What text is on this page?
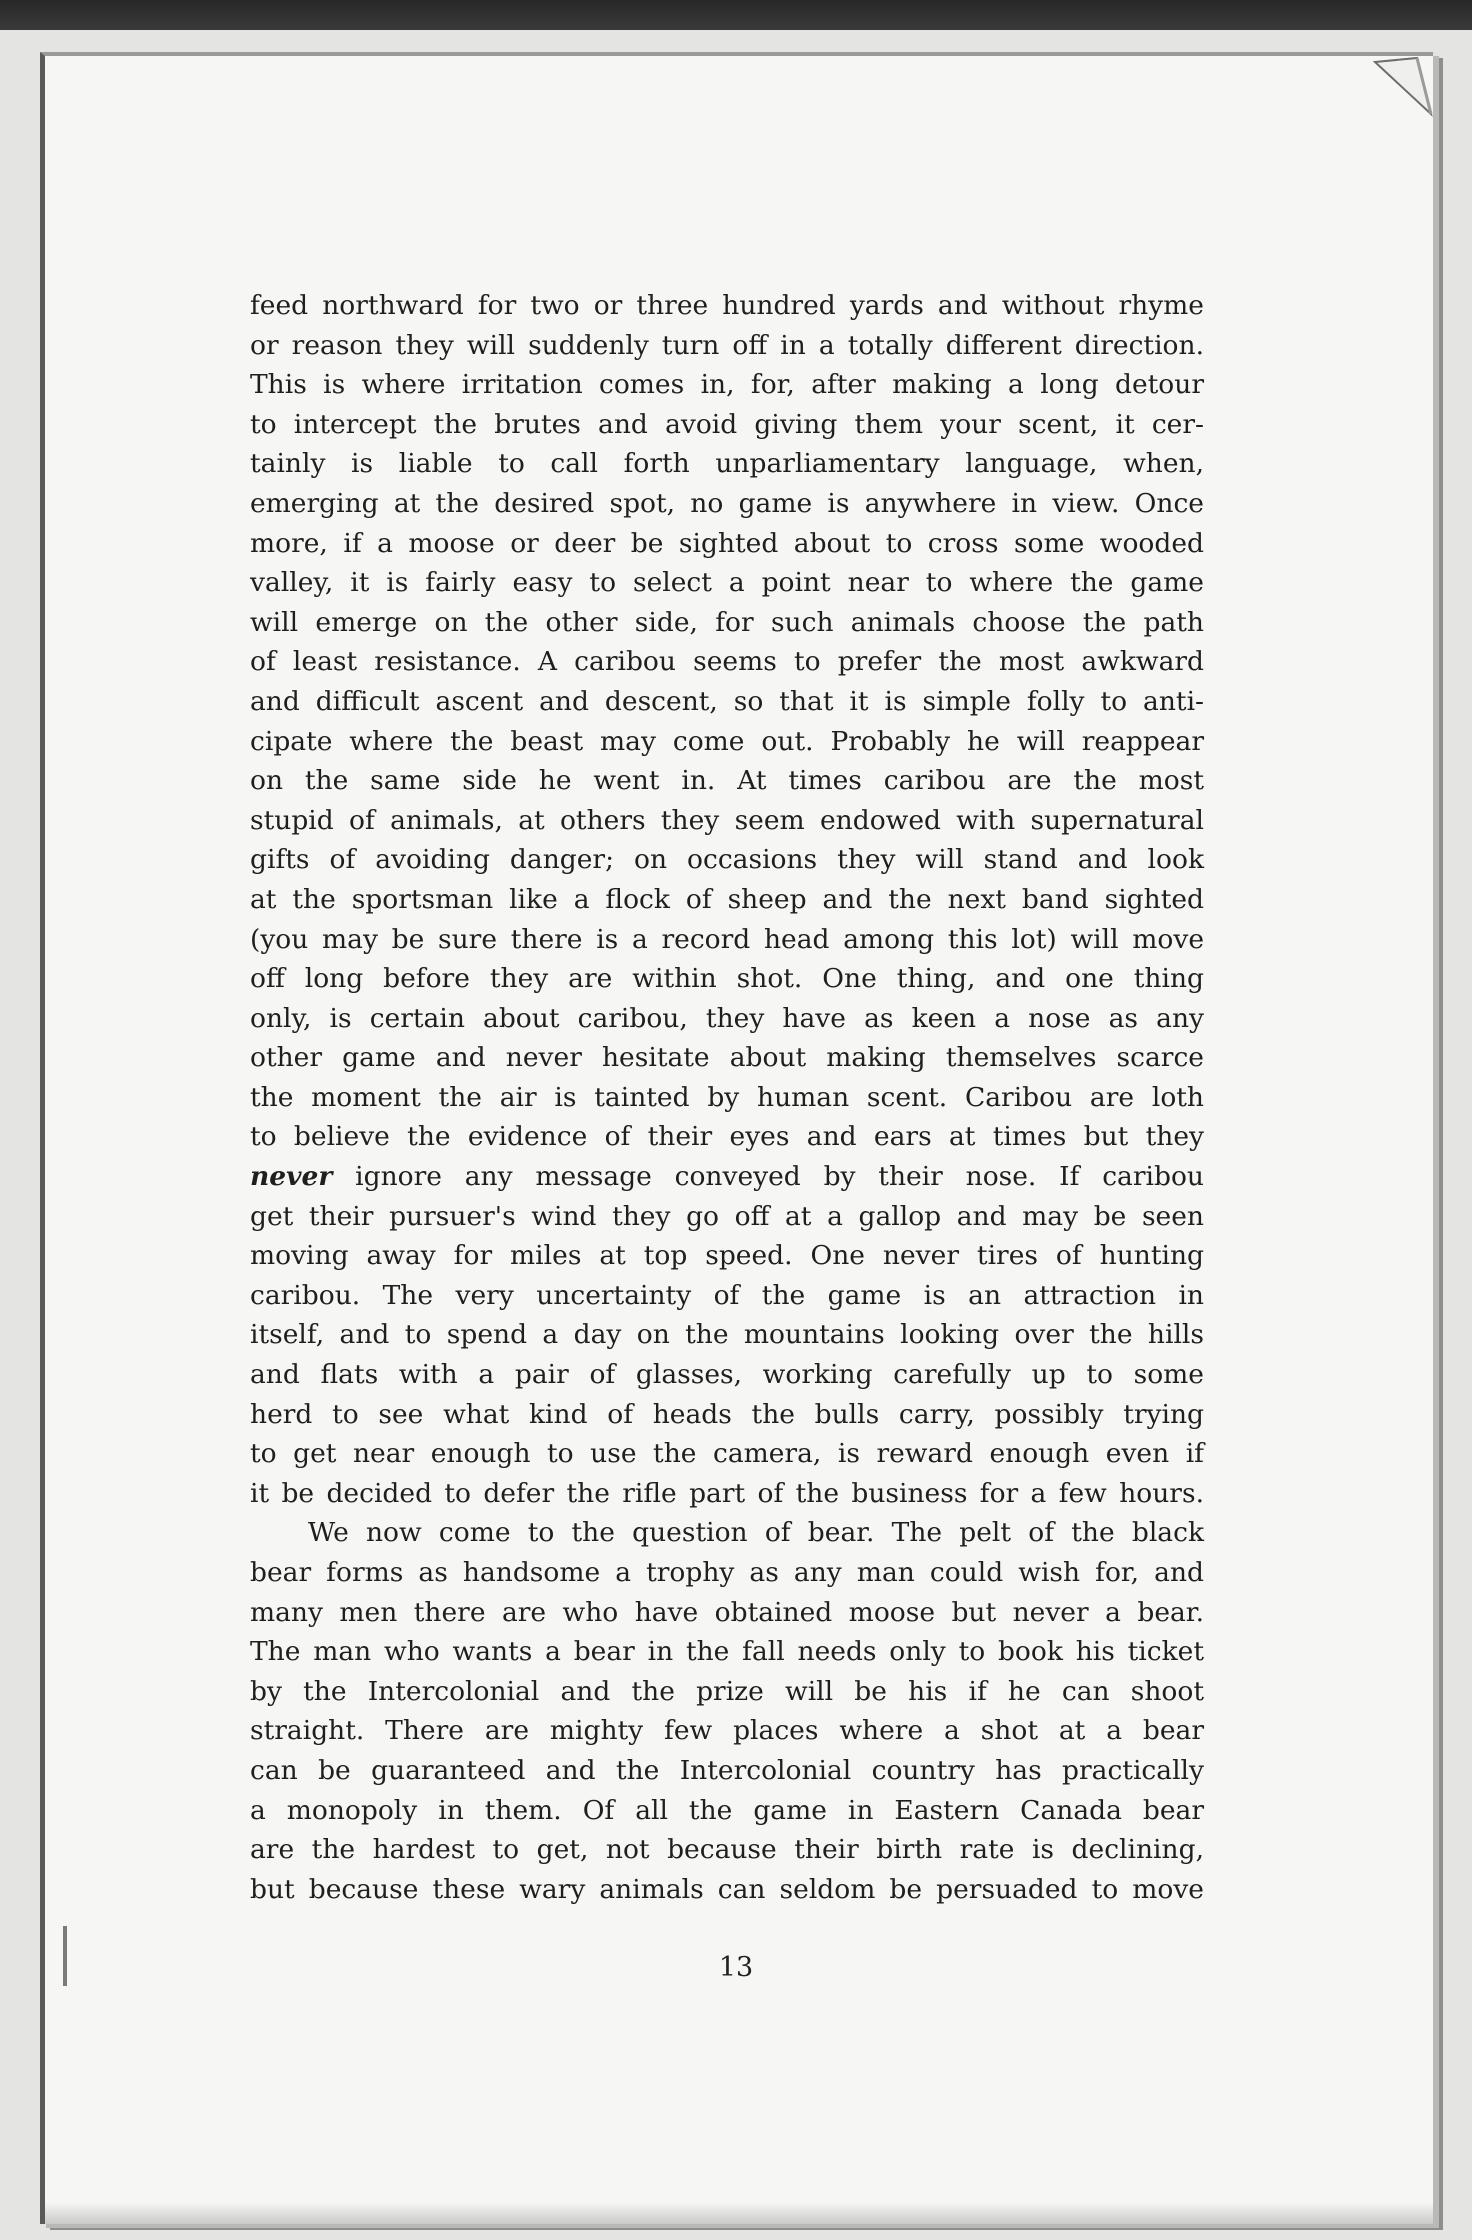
feed northward for two or three hundred yards and without rhyme

or reason they will suddenly turn off in a totally different direction.

This is where irritation comes in, for, after making a long detour

to intercept the brutes and avoid giving them your scent, it cer-

tainly is liable to call forth unparliamentary language, when,

emerging at the desired spot, no game is anywhere in view. Once

more, if a moose or deer be sighted about to cross some wooded

valley, it is fairly easy to select a point near to where the game

will emerge on the other side, for such animals choose the path

of least resistance. A caribou seems to prefer the most awkward

and difficult ascent and descent, so that it is simple folly to anti-

cipate where the beast may come out. Probably he will reappear

on the same side he went in. At times caribou are the most

stupid of animals, at others they seem endowed with supernatural

gifts of avoiding danger; on occasions they will stand and look

at the sportsman like a flock of sheep and the next band sighted

(you may be sure there is a record head among this lot) will move

off long before they are within shot. One thing, and one thing

only, is certain about caribou, they have as keen a nose as any

other game and never hesitate about making themselves scarce

the moment the air is tainted by human scent. Caribou are loth

to believe the evidence of their eyes and ears at times but they

never ignore any message conveyed by their nose. If caribou

get their pursuer's wind they go off at a gallop and may be seen

moving away for miles at top speed. One never tires of hunting

caribou. The very uncertainty of the game is an attraction in

itself, and to spend a day on the mountains looking over the hills

and flats with a pair of glasses, working carefully up to some

herd to see what kind of heads the bulls carry, possibly trying

to get near enough to use the camera, is reward enough even if

it be decided to defer the rifle part of the business for a few hours.

We now come to the question of bear. The pelt of the black

bear forms as handsome a trophy as any man could wish for, and

many men there are who have obtained moose but never a bear.

The man who wants a bear in the fall needs only to book his ticket

by the Intercolonial and the prize will be his if he can shoot

straight. There are mighty few places where a shot at a bear

can be guaranteed and the Intercolonial country has practically

a monopoly in them. Of all the game in Eastern Canada bear

are the hardest to get, not because their birth rate is declining,

but because these wary animals can seldom be persuaded to move

13
